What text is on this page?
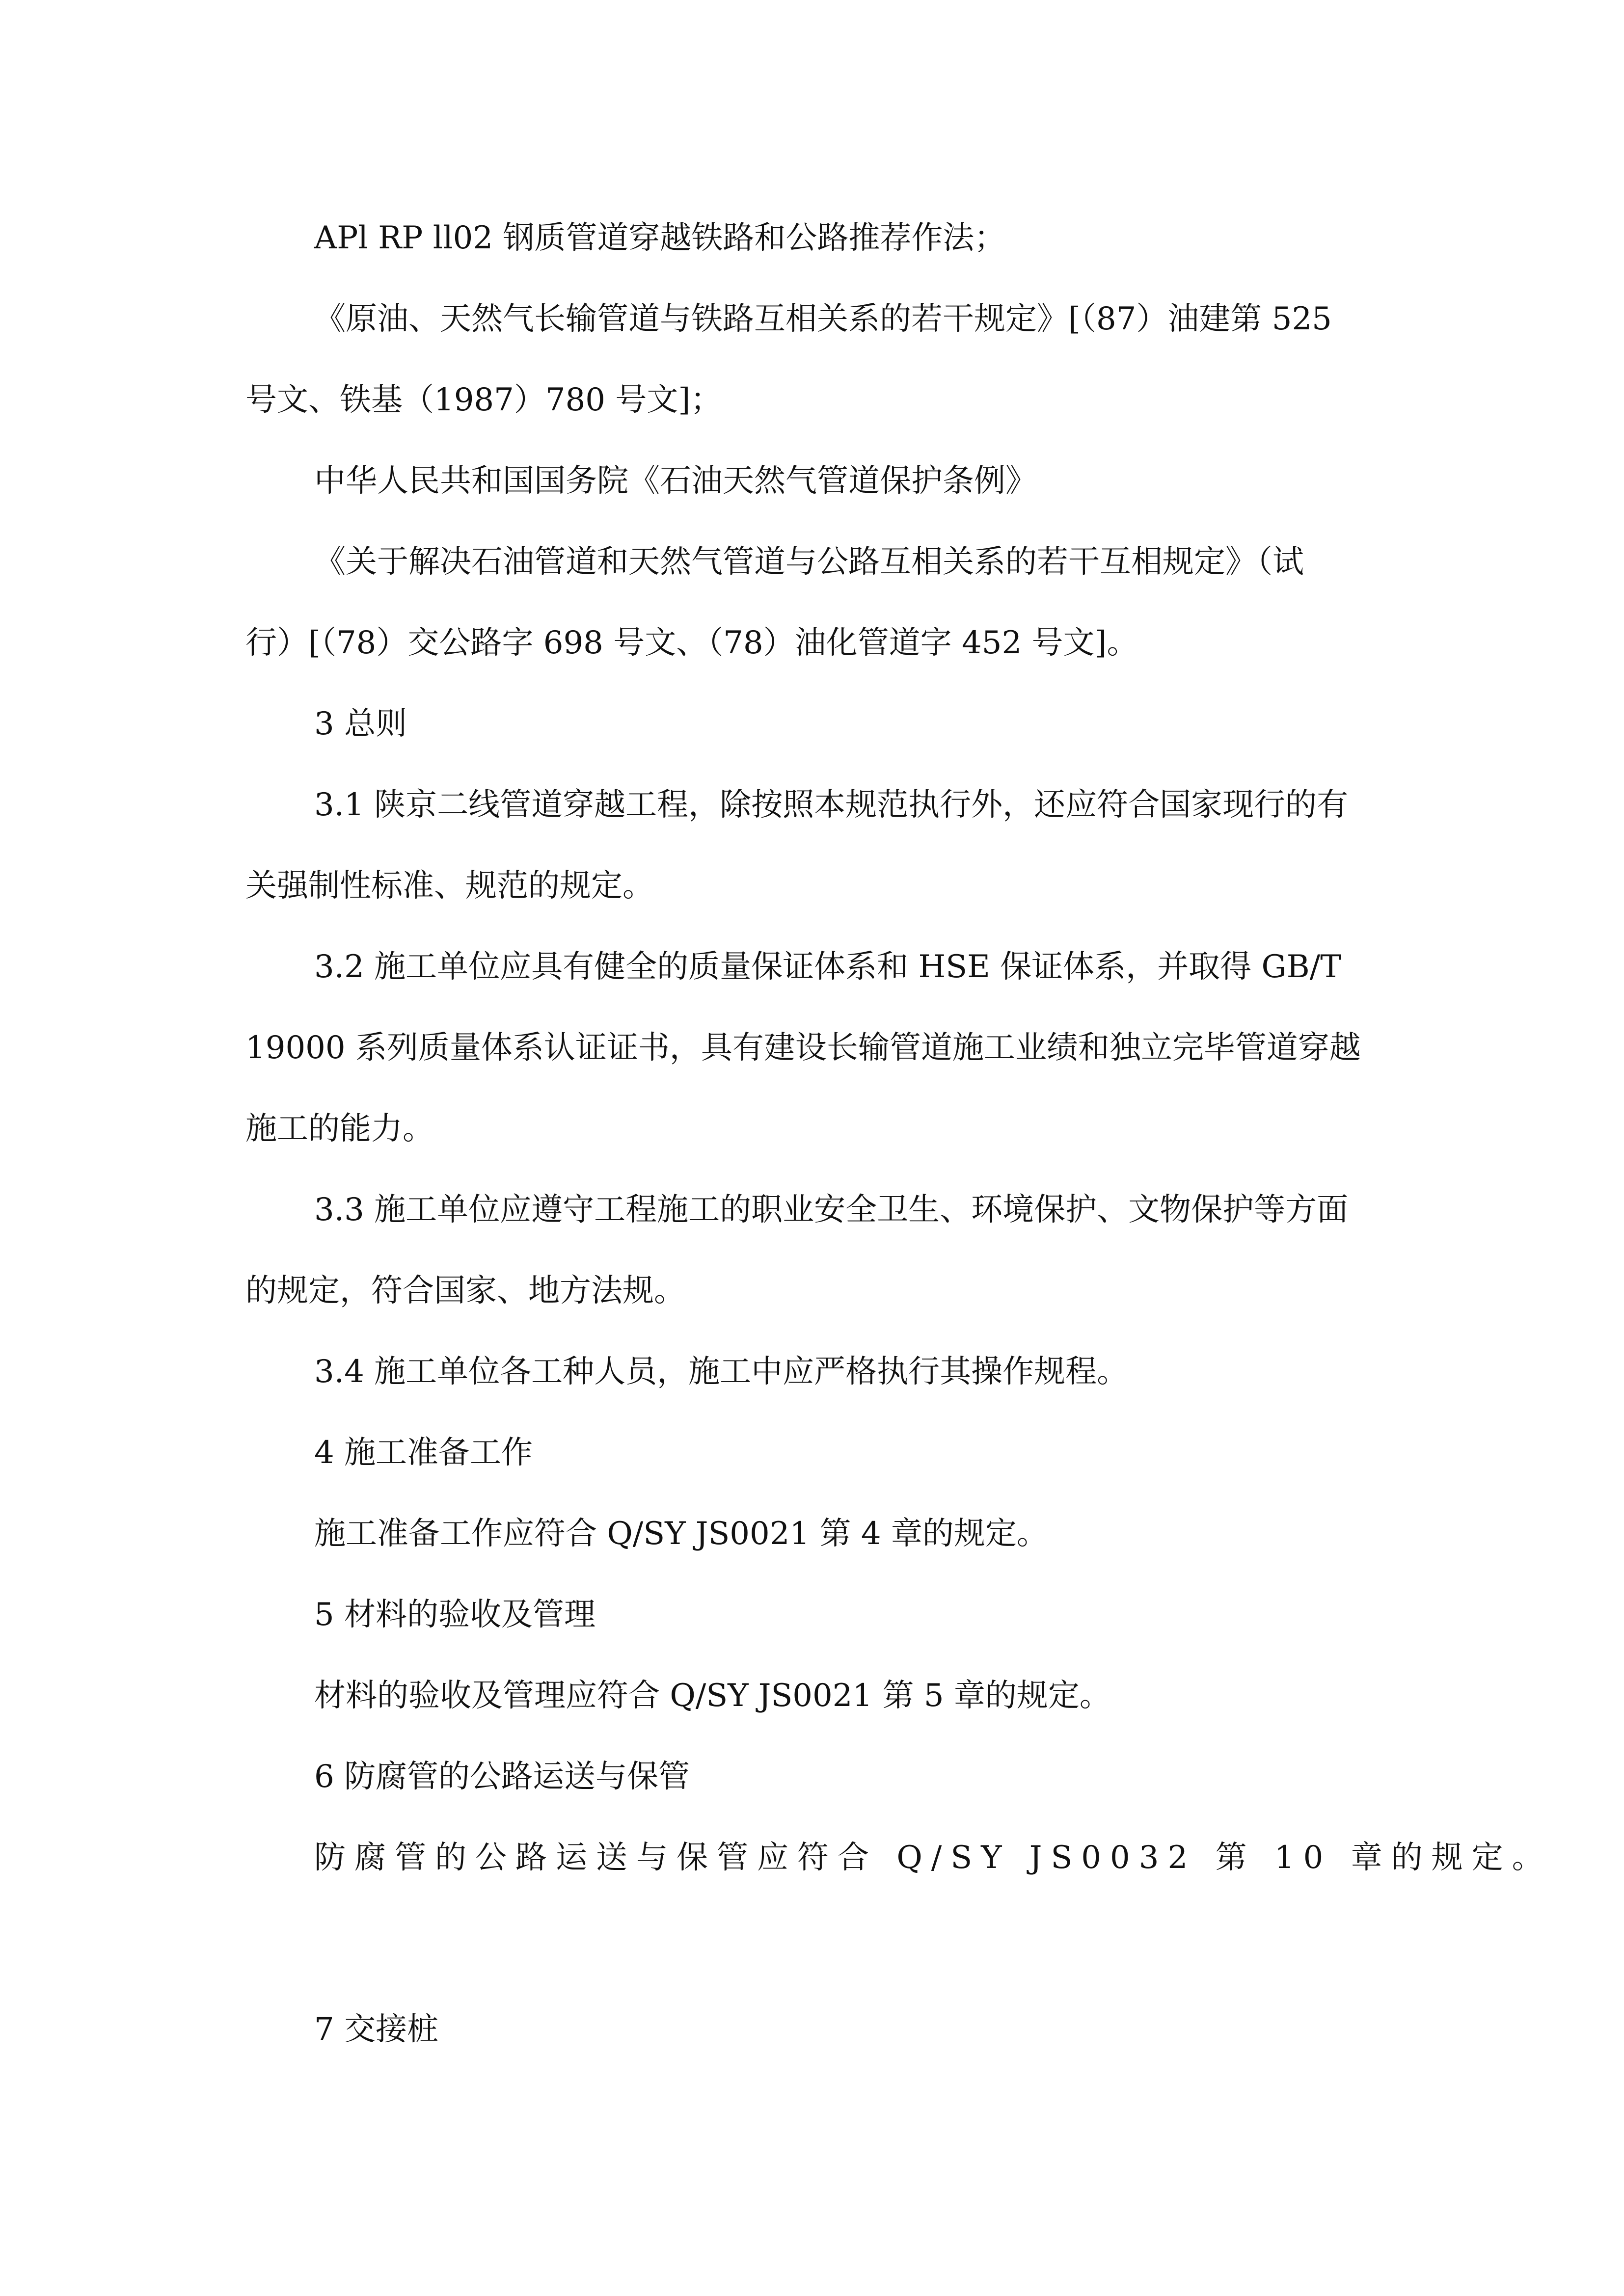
APl RP ll02 钢质管道穿越铁路和公路推荐作法；
《原油、天然气长输管道与铁路互相关系的若干规定》[（87）油建第 525
号文、铁基（1987）780 号文]；
中华人民共和国国务院《石油天然气管道保护条例》
《关于解决石油管道和天然气管道与公路互相关系的若干互相规定》（试
行）[（78）交公路字 698 号文、（78）油化管道字 452 号文]。
3 总则
3.1 陕京二线管道穿越工程，除按照本规范执行外，还应符合国家现行的有
关强制性标准、规范的规定。
3.2 施工单位应具有健全的质量保证体系和 HSE 保证体系，并取得 GB/T
19000 系列质量体系认证证书，具有建设长输管道施工业绩和独立完毕管道穿越
施工的能力。
3.3 施工单位应遵守工程施工的职业安全卫生、环境保护、文物保护等方面
的规定，符合国家、地方法规。
3.4 施工单位各工种人员，施工中应严格执行其操作规程。
4 施工准备工作
施工准备工作应符合 Q/SY JS0021 第 4 章的规定。
5 材料的验收及管理
材料的验收及管理应符合 Q/SY JS0021 第 5 章的规定。
6 防腐管的公路运送与保管
防腐管的公路运送与保管应符合 Q/SY JS0032 第 10 章的规定。
7 交接桩
